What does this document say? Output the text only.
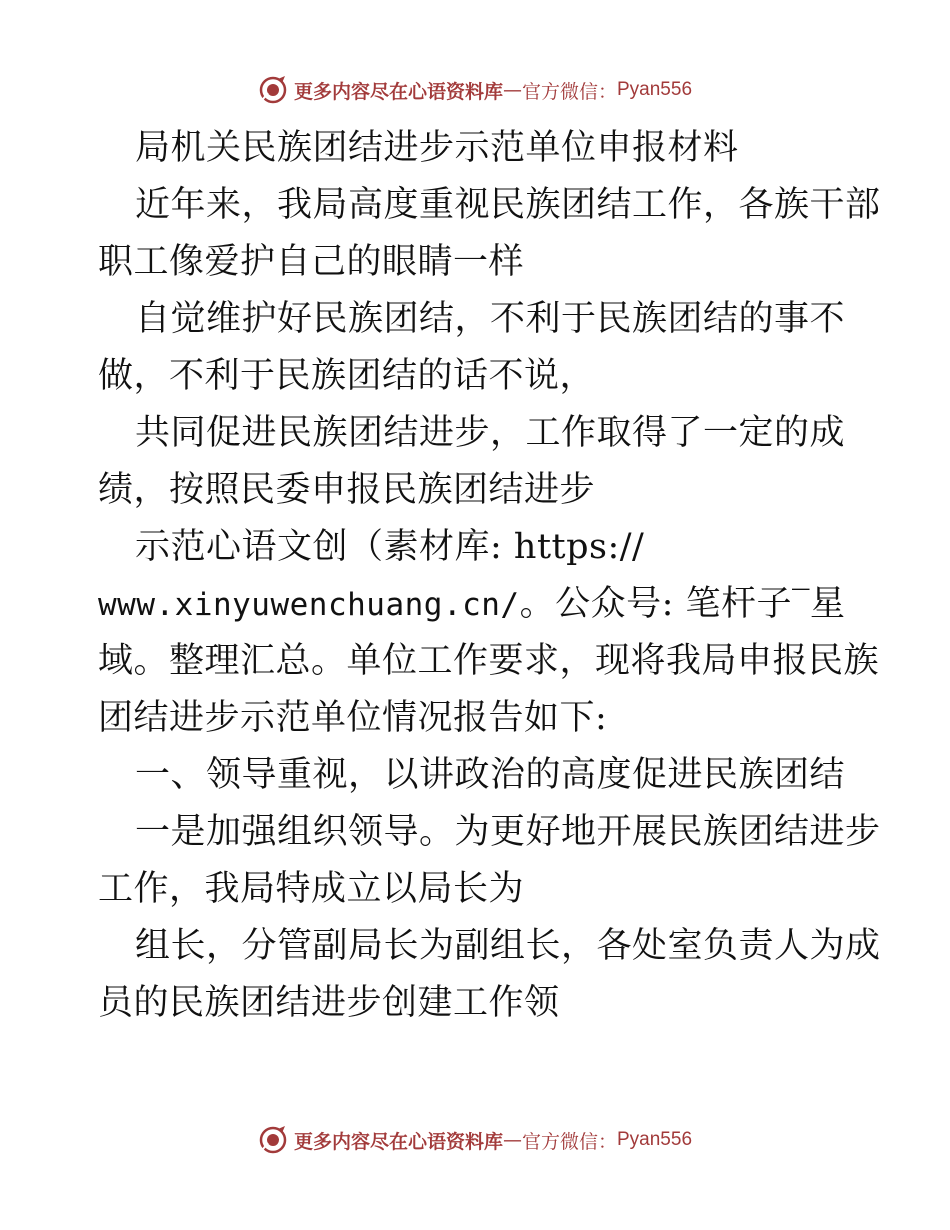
更多内容尽在心语资料库 — 官方微信： Pyan556
局机关民族团结进步示范单位申报材料
近年来，我局高度重视民族团结工作，各族干部
职工像爱护自己的眼睛一样
自觉维护好民族团结，不利于民族团结的事不
做，不利于民族团结的话不说，
共同促进民族团结进步，工作取得了一定的成
绩，按照民委申报民族团结进步
示范心语文创（素材库: https://
www.xinyuwenchuang.cn/。公众号: 笔杆子‾星
域。整理汇总。单位工作要求，现将我局申报民族
团结进步示范单位情况报告如下:
一、领导重视，以讲政治的高度促进民族团结
一是加强组织领导。为更好地开展民族团结进步
工作，我局特成立以局长为
组长，分管副局长为副组长，各处室负责人为成
员的民族团结进步创建工作领
更多内容尽在心语资料库 — 官方微信： Pyan556
